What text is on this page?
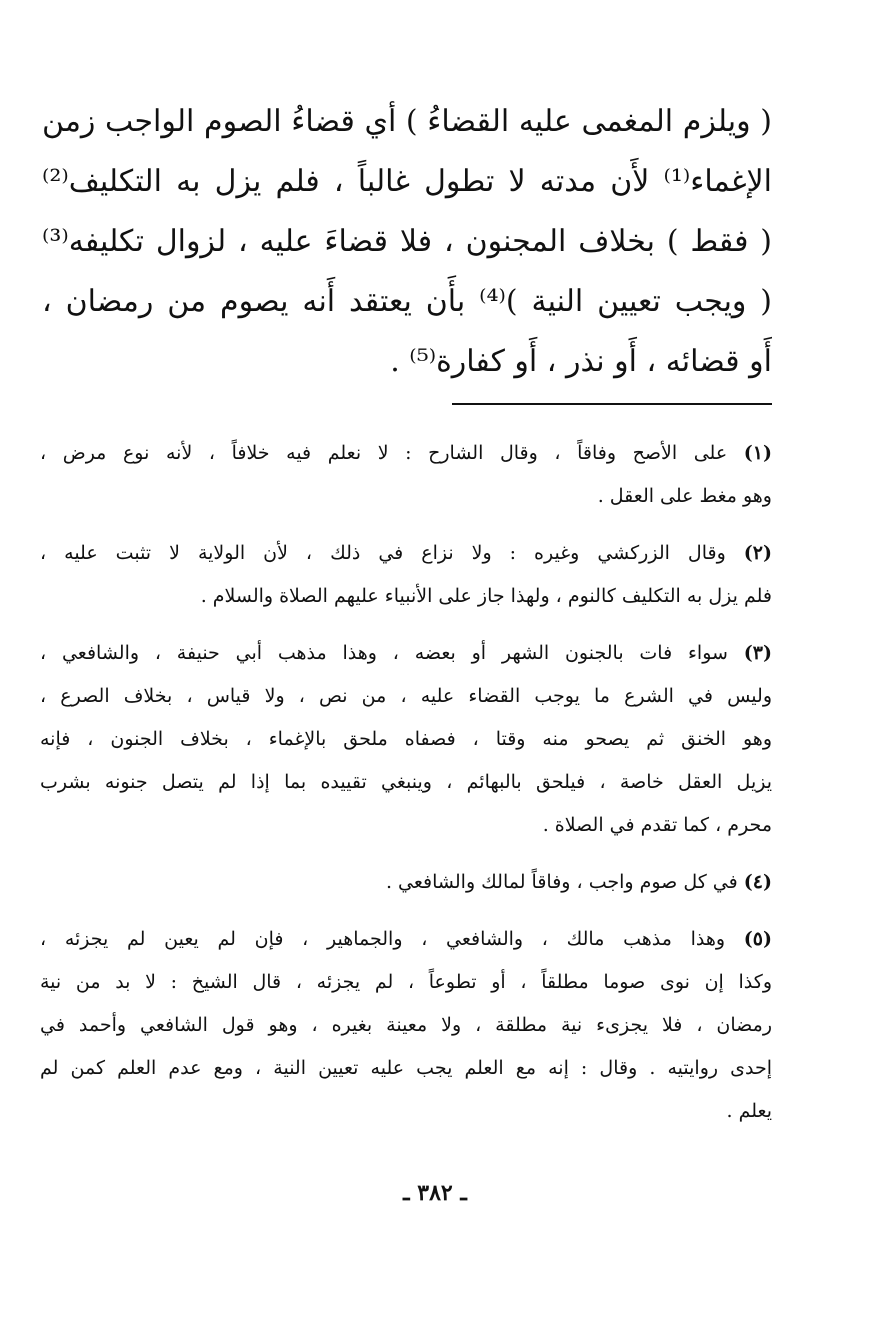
( ويلزم المغمى عليه القضاءُ ) أي قضاءُ الصوم الواجب زمن
الإغماء⁽¹⁾ لأَن مدته لا تطول غالباً ، فلم يزل به التكليف⁽²⁾
( فقط ) بخلاف المجنون ، فلا قضاءَ عليه ، لزوال تكليفه⁽³⁾
( ويجب تعيين النية )⁽⁴⁾ بأَن يعتقد أَنه يصوم من رمضان ،
أَو قضائه ، أَو نذر ، أَو كفارة⁽⁵⁾ .
(١) على الأصح وفاقاً ، وقال الشارح : لا نعلم فيه خلافاً ، لأنه نوع مرض ،
وهو مغط على العقل .
(٢) وقال الزركشي وغيره : ولا نزاع في ذلك ، لأن الولاية لا تثبت عليه ،
فلم يزل به التكليف كالنوم ، ولهذا جاز على الأنبياء عليهم الصلاة والسلام .
(٣) سواء فات بالجنون الشهر أو بعضه ، وهذا مذهب أبي حنيفة ، والشافعي ،
وليس في الشرع ما يوجب القضاء عليه ، من نص ، ولا قياس ، بخلاف الصرع ،
وهو الخنق ثم يصحو منه وقتا ، فصفاه ملحق بالإغماء ، بخلاف الجنون ، فإنه
يزيل العقل خاصة ، فيلحق بالبهائم ، وينبغي تقييده بما إذا لم يتصل جنونه بشرب
محرم ، كما تقدم في الصلاة .
(٤) في كل صوم واجب ، وفاقاً لمالك والشافعي .
(٥) وهذا مذهب مالك ، والشافعي ، والجماهير ، فإن لم يعين لم يجزئه ،
وكذا إن نوى صوما مطلقاً ، أو تطوعاً ، لم يجزئه ، قال الشيخ : لا بد من نية
رمضان ، فلا يجزىء نية مطلقة ، ولا معينة بغيره ، وهو قول الشافعي وأحمد في
إحدى روايتيه . وقال : إنه مع العلم يجب عليه تعيين النية ، ومع عدم العلم كمن لم
يعلم .
ـ ٣٨٢ ـ
